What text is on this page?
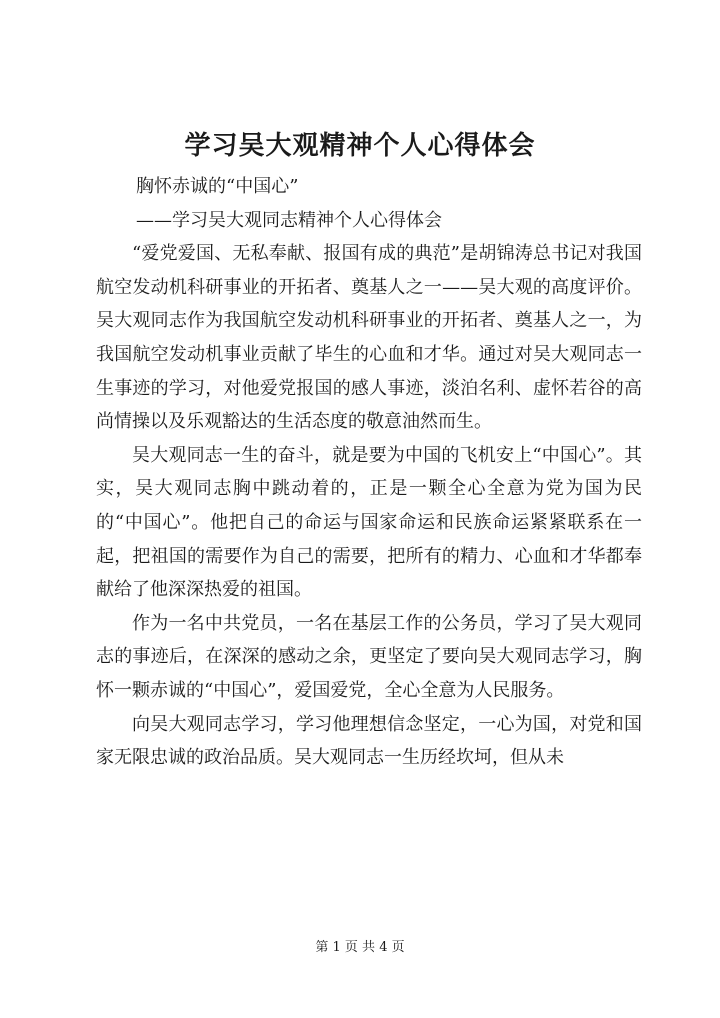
学习吴大观精神个人心得体会

胸怀赤诚的“中国心”

——学习吴大观同志精神个人心得体会

“爱党爱国、无私奉献、报国有成的典范”是胡锦涛总书记对我国航空发动机科研事业的开拓者、奠基人之一——吴大观的高度评价。吴大观同志作为我国航空发动机科研事业的开拓者、奠基人之一，为我国航空发动机事业贡献了毕生的心血和才华。通过对吴大观同志一生事迹的学习，对他爱党报国的感人事迹，淡泊名利、虚怀若谷的高尚情操以及乐观豁达的生活态度的敬意油然而生。

吴大观同志一生的奋斗，就是要为中国的飞机安上“中国心”。其实，吴大观同志胸中跳动着的，正是一颗全心全意为党为国为民的“中国心”。他把自己的命运与国家命运和民族命运紧紧联系在一起，把祖国的需要作为自己的需要，把所有的精力、心血和才华都奉献给了他深深热爱的祖国。

作为一名中共党员，一名在基层工作的公务员，学习了吴大观同志的事迹后，在深深的感动之余，更坚定了要向吴大观同志学习，胸怀一颗赤诚的“中国心”，爱国爱党，全心全意为人民服务。

向吴大观同志学习，学习他理想信念坚定，一心为国，对党和国家无限忠诚的政治品质。吴大观同志一生历经坎坷，但从未

第 1 页 共 4 页
